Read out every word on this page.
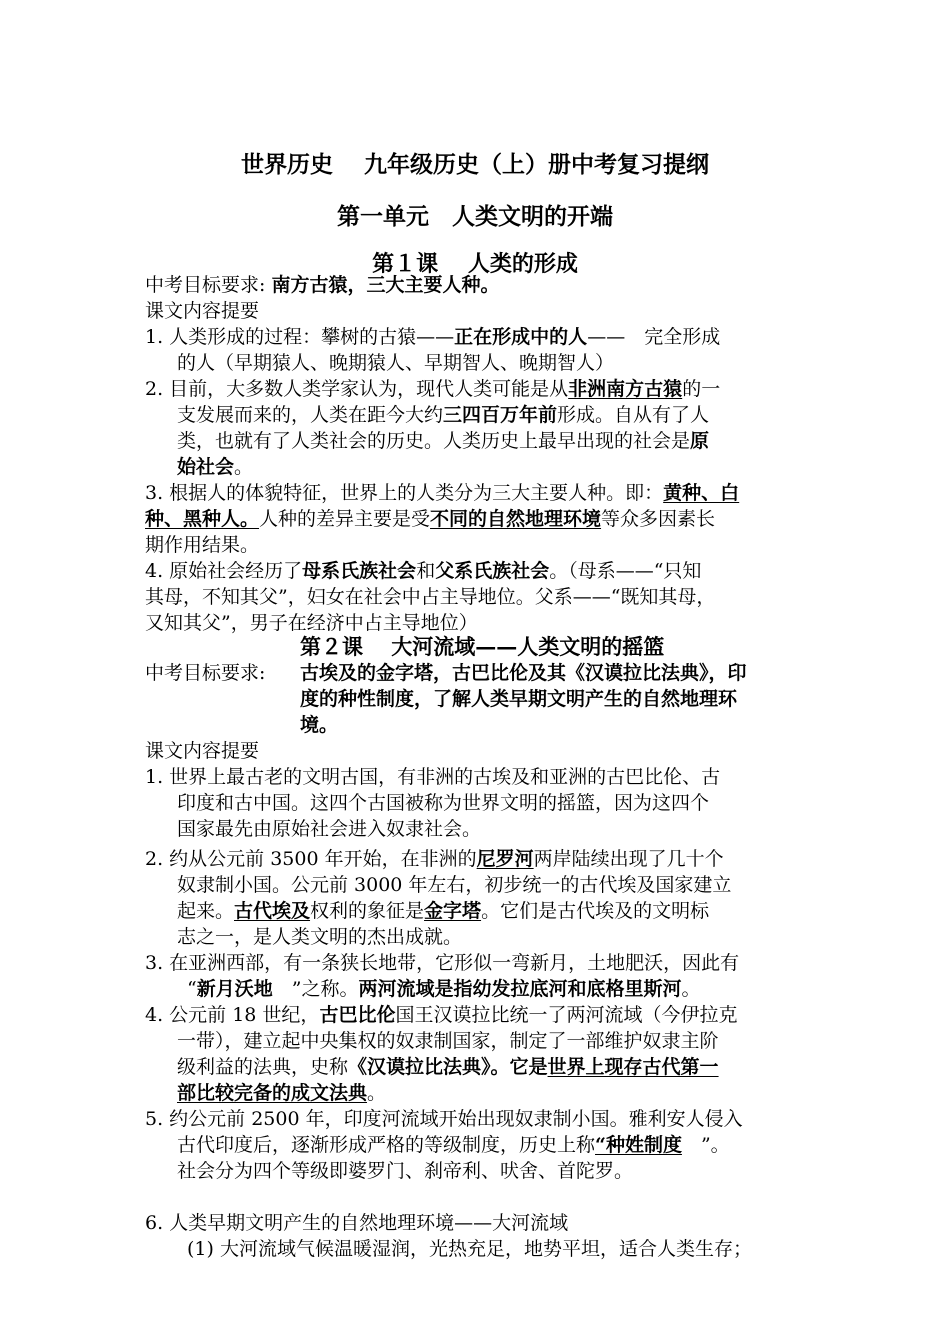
世界历史　 九年级历史（上）册中考复习提纲
第一单元　人类文明的开端
第１课　 人类的形成
中考目标要求: 南方古猿，三大主要人种。
课文内容提要
1. 人类形成的过程：攀树的古猿——正在形成中的人——　完全形成
的人（早期猿人、晚期猿人、早期智人、晚期智人）
2. 目前，大多数人类学家认为，现代人类可能是从非洲南方古猿的一
支发展而来的，人类在距今大约三四百万年前形成。自从有了人
类，也就有了人类社会的历史。人类历史上最早出现的社会是原
始社会。
3. 根据人的体貌特征，世界上的人类分为三大主要人种。即：黄种、白
种、黑种人。人种的差异主要是受不同的自然地理环境等众多因素长
期作用结果。
4. 原始社会经历了母系氏族社会和父系氏族社会。（母系——“只知
其母，不知其父”，妇女在社会中占主导地位。父系——“既知其母，
又知其父”，男子在经济中占主导地位）
第２课　 大河流域——人类文明的摇篮
中考目标要求: 古埃及的金字塔，古巴比伦及其《汉谟拉比法典》，印
度的种性制度，了解人类早期文明产生的自然地理环
境。
课文内容提要
1. 世界上最古老的文明古国，有非洲的古埃及和亚洲的古巴比伦、古
印度和古中国。这四个古国被称为世界文明的摇篮，因为这四个
国家最先由原始社会进入奴隶社会。
2. 约从公元前 3500 年开始，在非洲的尼罗河两岸陆续出现了几十个
奴隶制小国。公元前 3000 年左右，初步统一的古代埃及国家建立
起来。古代埃及权利的象征是金字塔。它们是古代埃及的文明标
志之一，是人类文明的杰出成就。
3. 在亚洲西部，有一条狭长地带，它形似一弯新月，土地肥沃，因此有
“新月沃地　”之称。两河流域是指幼发拉底河和底格里斯河。
4. 公元前 18 世纪，古巴比伦国王汉谟拉比统一了两河流域（今伊拉克
一带），建立起中央集权的奴隶制国家，制定了一部维护奴隶主阶
级利益的法典，史称《汉谟拉比法典》。它是世界上现存古代第一
部比较完备的成文法典。
5. 约公元前 2500 年，印度河流域开始出现奴隶制小国。雅利安人侵入
古代印度后，逐渐形成严格的等级制度，历史上称“种姓制度　”。
社会分为四个等级即婆罗门、刹帝利、吠舍、首陀罗。
6. 人类早期文明产生的自然地理环境——大河流域
(1) 大河流域气候温暖湿润，光热充足，地势平坦，适合人类生存；
